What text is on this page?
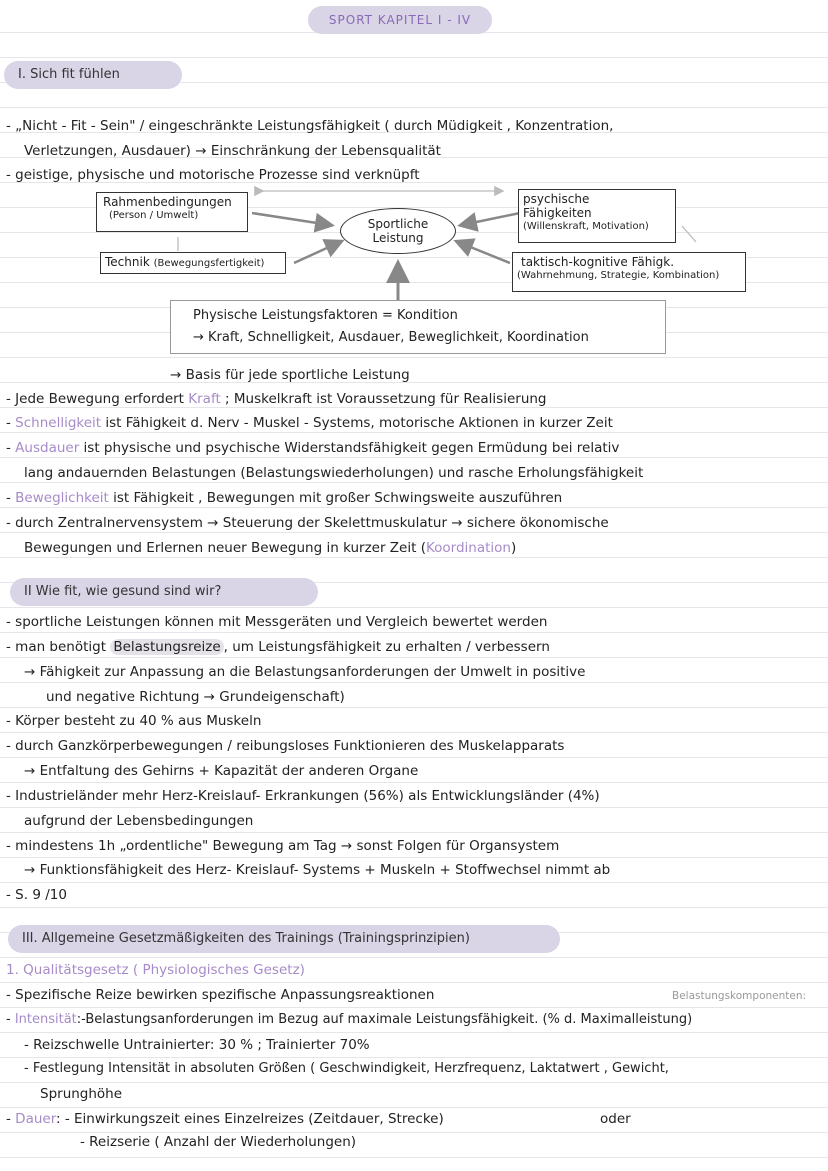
SPORT KAPITEL I - IV
I. Sich fit fühlen
- „Nicht - Fit - Sein" / eingeschränkte Leistungsfähigkeit ( durch Müdigkeit , Konzentration,
Verletzungen, Ausdauer) → Einschränkung der Lebensqualität
- geistige, physische und motorische Prozesse sind verknüpft
Rahmenbedingungen
(Person / Umwelt)
Sportliche
Leistung
psychische
Fähigkeiten
(Willenskraft, Motivation)
Technik (Bewegungsfertigkeit)	taktisch-kognitive Fähigk.
(Wahrnehmung, Strategie, Kombination)
Physische Leistungsfaktoren = Kondition
→ Kraft, Schnelligkeit, Ausdauer, Beweglichkeit, Koordination
→ Basis für jede sportliche Leistung
- Jede Bewegung erfordert Kraft ; Muskelkraft ist Voraussetzung für Realisierung
- Schnelligkeit ist Fähigkeit d. Nerv - Muskel - Systems, motorische Aktionen in kurzer Zeit
- Ausdauer ist physische und psychische Widerstandsfähigkeit gegen Ermüdung bei relativ
lang andauernden Belastungen (Belastungswiederholungen) und rasche Erholungsfähigkeit
- Beweglichkeit ist Fähigkeit , Bewegungen mit großer Schwingsweite auszuführen
- durch Zentralnervensystem → Steuerung der Skelettmuskulatur → sichere ökonomische
Bewegungen und Erlernen neuer Bewegung in kurzer Zeit (Koordination)
II Wie fit, wie gesund sind wir?
- sportliche Leistungen können mit Messgeräten und Vergleich bewertet werden
- man benötigt Belastungsreize , um Leistungsfähigkeit zu erhalten / verbessern
→ Fähigkeit zur Anpassung an die Belastungsanforderungen der Umwelt in positive
und negative Richtung → Grundeigenschaft)
- Körper besteht zu 40 % aus Muskeln
- durch Ganzkörperbewegungen / reibungsloses Funktionieren des Muskelapparats
→ Entfaltung des Gehirns + Kapazität der anderen Organe
- Industrieländer mehr Herz-Kreislauf- Erkrankungen (56%) als Entwicklungsländer (4%)
aufgrund der Lebensbedingungen
- mindestens 1h „ordentliche" Bewegung am Tag → sonst Folgen für Organsystem
→ Funktionsfähigkeit des Herz- Kreislauf- Systems + Muskeln + Stoffwechsel nimmt ab
- S. 9 /10
III. Allgemeine Gesetzmäßigkeiten des Trainings (Trainingsprinzipien)
1. Qualitätsgesetz ( Physiologisches Gesetz)
- Spezifische Reize bewirken spezifische Anpassungsreaktionen	Belastungskomponenten:
- Intensität:-Belastungsanforderungen im Bezug auf maximale Leistungsfähigkeit. (% d. Maximalleistung)
- Reizschwelle Untrainierter: 30 % ; Trainierter 70%
- Festlegung Intensität in absoluten Größen ( Geschwindigkeit, Herzfrequenz, Laktatwert , Gewicht,
Sprunghöhe
- Dauer: - Einwirkungszeit eines Einzelreizes (Zeitdauer, Strecke)	oder
- Reizserie ( Anzahl der Wiederholungen)
